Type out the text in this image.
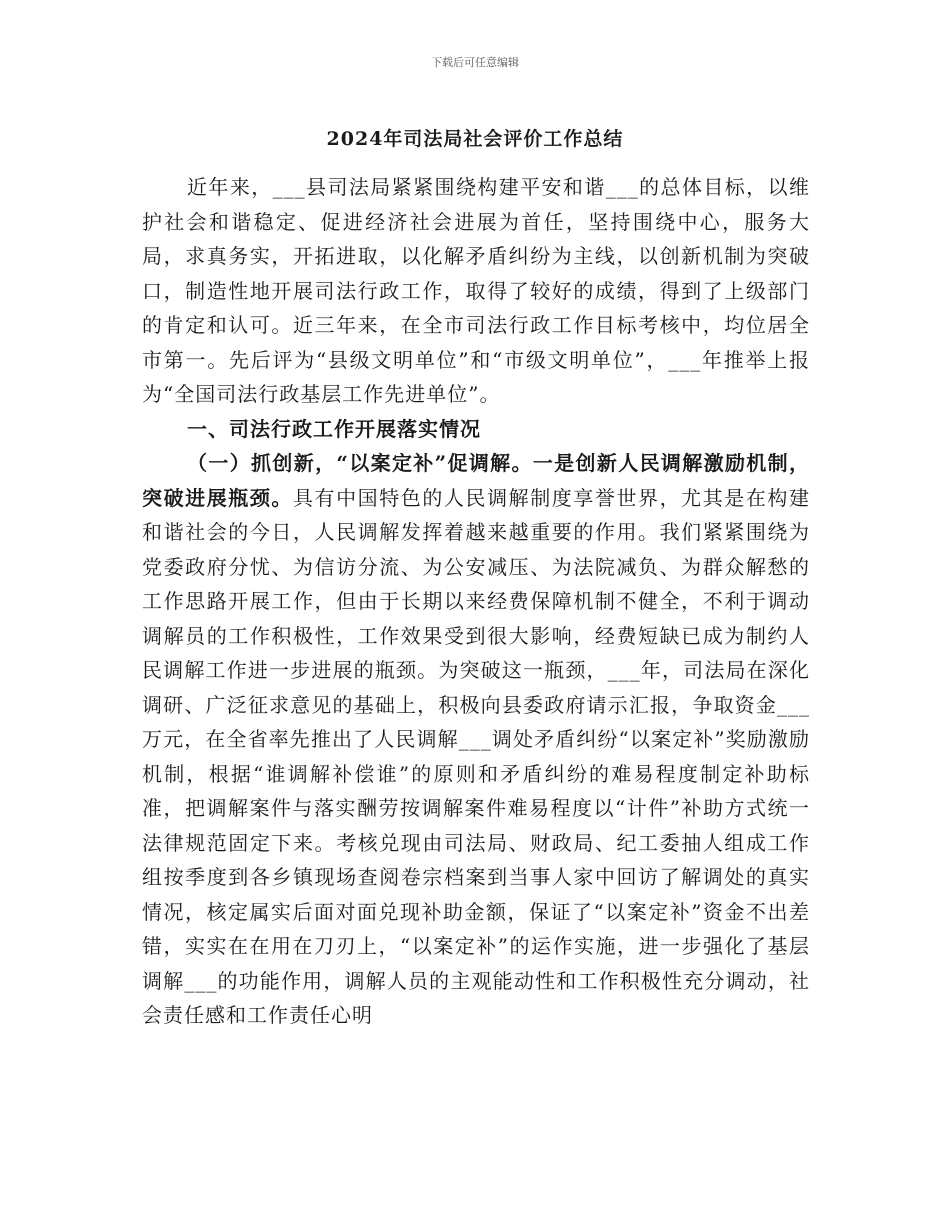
下载后可任意编辑
2024年司法局社会评价工作总结

近年来，___县司法局紧紧围绕构建平安和谐___的总体目标，以维护社会和谐稳定、促进经济社会进展为首任，坚持围绕中心，服务大局，求真务实，开拓进取，以化解矛盾纠纷为主线，以创新机制为突破口，制造性地开展司法行政工作，取得了较好的成绩，得到了上级部门的肯定和认可。近三年来，在全市司法行政工作目标考核中，均位居全市第一。先后评为“县级文明单位”和“市级文明单位”，___年推举上报为“全国司法行政基层工作先进单位”。

一、司法行政工作开展落实情况

（一）抓创新，“以案定补”促调解。一是创新人民调解激励机制，突破进展瓶颈。具有中国特色的人民调解制度享誉世界，尤其是在构建和谐社会的今日，人民调解发挥着越来越重要的作用。我们紧紧围绕为党委政府分忧、为信访分流、为公安减压、为法院减负、为群众解愁的工作思路开展工作，但由于长期以来经费保障机制不健全，不利于调动调解员的工作积极性，工作效果受到很大影响，经费短缺已成为制约人民调解工作进一步进展的瓶颈。为突破这一瓶颈，___年，司法局在深化调研、广泛征求意见的基础上，积极向县委政府请示汇报，争取资金___万元，在全省率先推出了人民调解___调处矛盾纠纷“以案定补”奖励激励机制，根据“谁调解补偿谁”的原则和矛盾纠纷的难易程度制定补助标准，把调解案件与落实酬劳按调解案件难易程度以“计件”补助方式统一法律规范固定下来。考核兑现由司法局、财政局、纪工委抽人组成工作组按季度到各乡镇现场查阅卷宗档案到当事人家中回访了解调处的真实情况，核定属实后面对面兑现补助金额，保证了“以案定补”资金不出差错，实实在在用在刀刃上，“以案定补”的运作实施，进一步强化了基层调解___的功能作用，调解人员的主观能动性和工作积极性充分调动，社会责任感和工作责任心明
